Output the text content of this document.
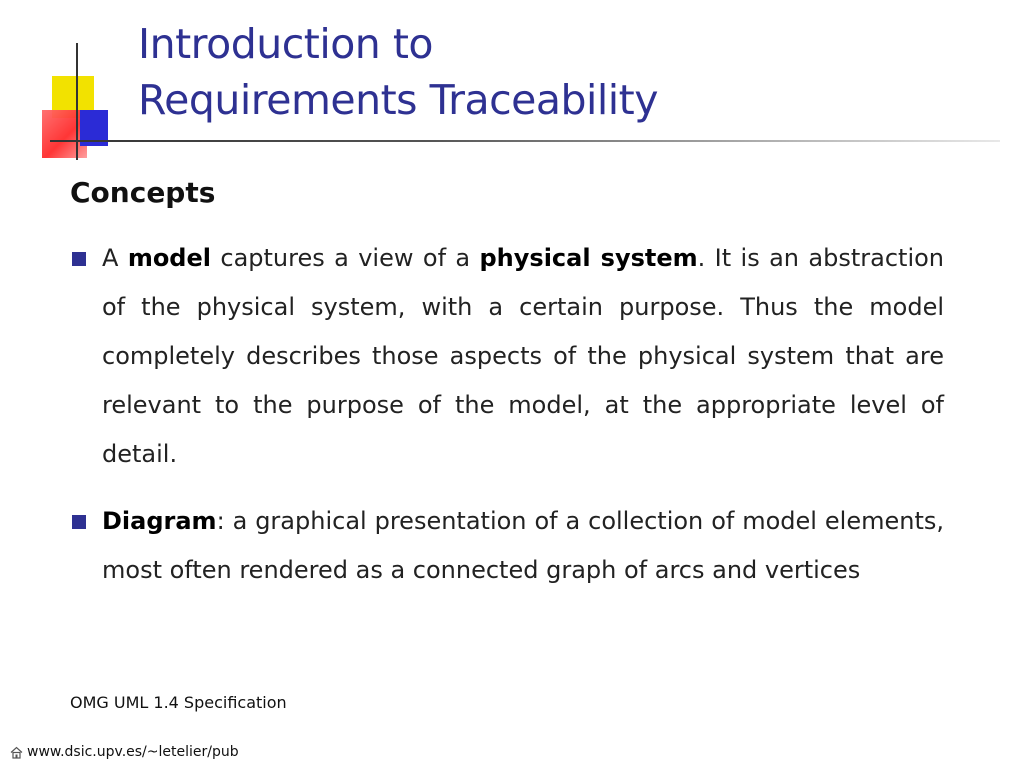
Introduction to
Requirements Traceability
Concepts
A model captures a view of a physical system. It is an abstraction of the physical system, with a certain purpose. Thus the model completely describes those aspects of the physical system that are relevant to the purpose of the model, at the appropriate level of detail.
Diagram: a graphical presentation of a collection of model elements, most often rendered as a connected graph of arcs and vertices
OMG UML 1.4 Specification
www.dsic.upv.es/~letelier/pub
